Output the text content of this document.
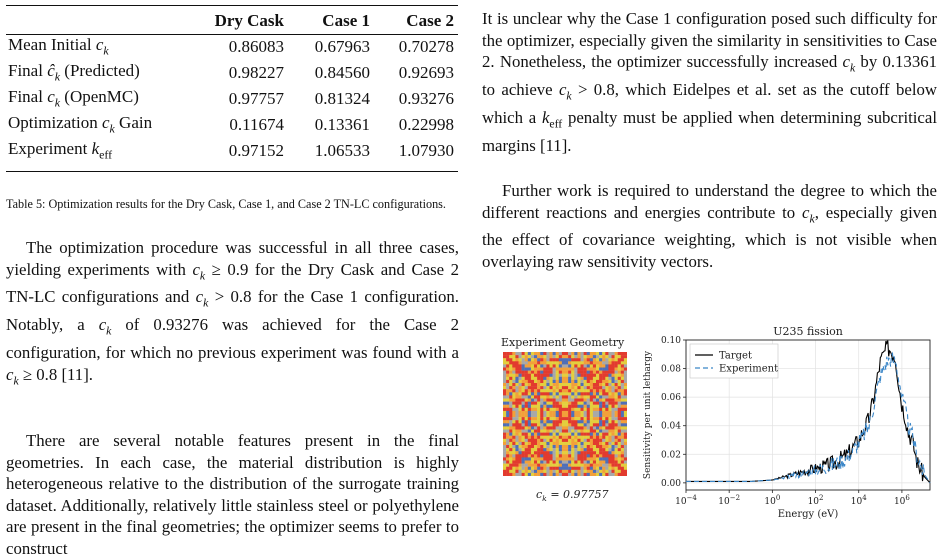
	Dry Cask	Case 1	Case 2
Mean Initial $c_k$	0.86083	0.67963	0.70278
Final $ĉ_k$ (Predicted)	0.98227	0.84560	0.92693
Final $c_k$ (OpenMC)	0.97757	0.81324	0.93276
Optimization $c_k$ Gain	0.11674	0.13361	0.22998
Experiment $k_{eff}$	0.97152	1.06533	1.07930
Table 5: Optimization results for the Dry Cask, Case 1, and Case 2 TN-LC configurations.

The optimization procedure was successful in all three cases, yielding experiments with $c_k \ge 0.9$ for the Dry Cask and Case 2 TN-LC configurations and $c_k > 0.8$ for the Case 1 configuration. Notably, a $c_k$ of 0.93276 was achieved for the Case 2 configuration, for which no previous experiment was found with a $c_k \ge 0.8$ [11].

There are several notable features present in the final geometries. In each case, the material distribution is highly heterogeneous relative to the distribution of the surrogate training dataset. Additionally, relatively little stainless steel or polyethylene are present in the final geometries; the optimizer seems to prefer to construct

It is unclear why the Case 1 configuration posed such difficulty for the optimizer, especially given the similarity in sensitivities to Case 2. Nonetheless, the optimizer successfully increased $c_k$ by 0.13361 to achieve $c_k > 0.8$, which Eidelpes et al. set as the cutoff below which a $k_{eff}$ penalty must be applied when determining subcritical margins [11].

Further work is required to understand the degree to which the different reactions and energies contribute to $c_k$, especially given the effect of covariance weighting, which is not visible when overlaying raw sensitivity vectors.

Experiment Geometry
$c_k = 0.97757$
0.00
0.02
0.04
0.06
0.08
0.10
$10^{-4}$ $10^{-2}$	$10^0$	$10^2$	$10^4$	$10^6$
Target
Experiment
U235 fission
Energy (eV)
Sensitivity per unit lethargy
